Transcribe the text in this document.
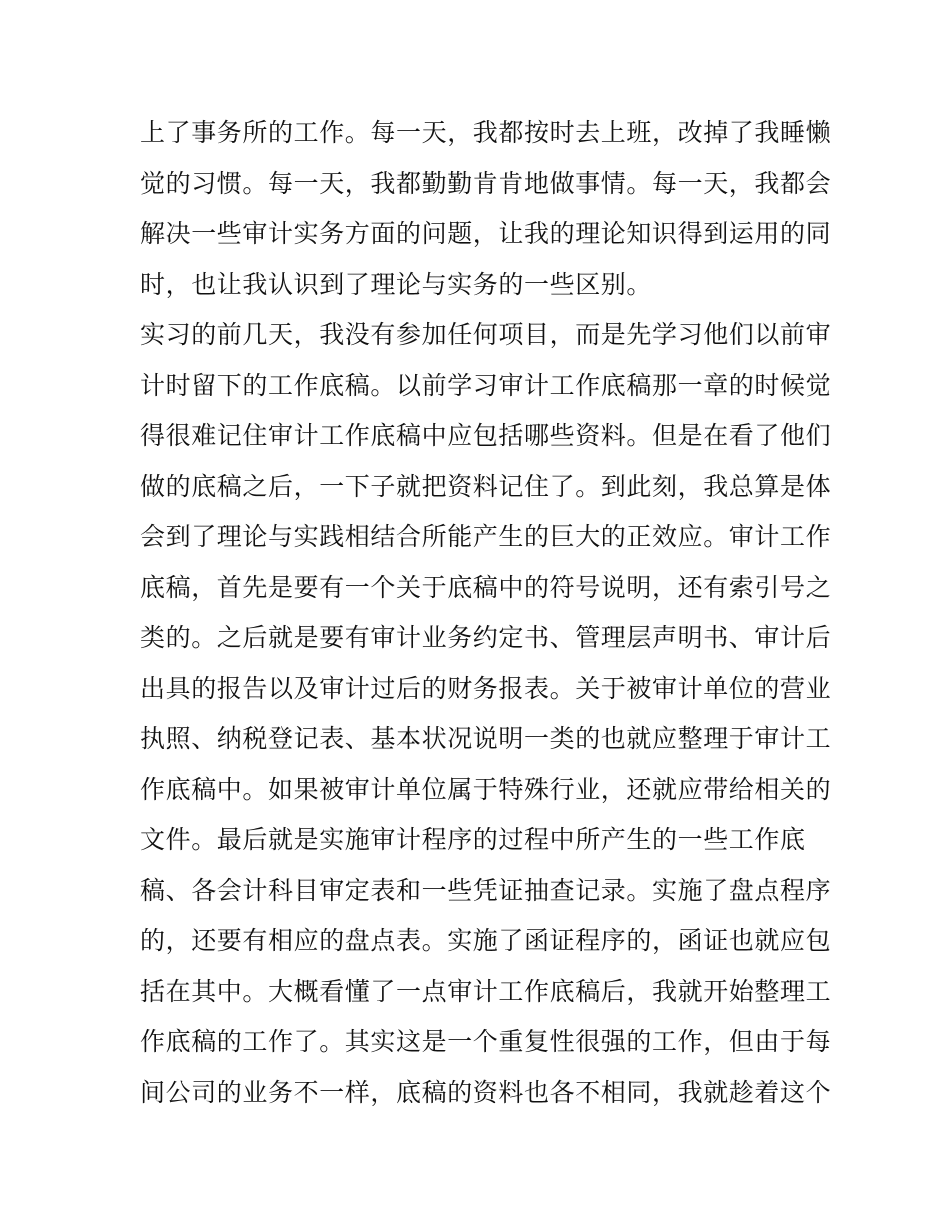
上了事务所的工作。每一天，我都按时去上班，改掉了我睡懒
觉的习惯。每一天，我都勤勤肯肯地做事情。每一天，我都会
解决一些审计实务方面的问题，让我的理论知识得到运用的同
时，也让我认识到了理论与实务的一些区别。
实习的前几天，我没有参加任何项目，而是先学习他们以前审
计时留下的工作底稿。以前学习审计工作底稿那一章的时候觉
得很难记住审计工作底稿中应包括哪些资料。但是在看了他们
做的底稿之后，一下子就把资料记住了。到此刻，我总算是体
会到了理论与实践相结合所能产生的巨大的正效应。审计工作
底稿，首先是要有一个关于底稿中的符号说明，还有索引号之
类的。之后就是要有审计业务约定书、管理层声明书、审计后
出具的报告以及审计过后的财务报表。关于被审计单位的营业
执照、纳税登记表、基本状况说明一类的也就应整理于审计工
作底稿中。如果被审计单位属于特殊行业，还就应带给相关的
文件。最后就是实施审计程序的过程中所产生的一些工作底
稿、各会计科目审定表和一些凭证抽查记录。实施了盘点程序
的，还要有相应的盘点表。实施了函证程序的，函证也就应包
括在其中。大概看懂了一点审计工作底稿后，我就开始整理工
作底稿的工作了。其实这是一个重复性很强的工作，但由于每
间公司的业务不一样，底稿的资料也各不相同，我就趁着这个
